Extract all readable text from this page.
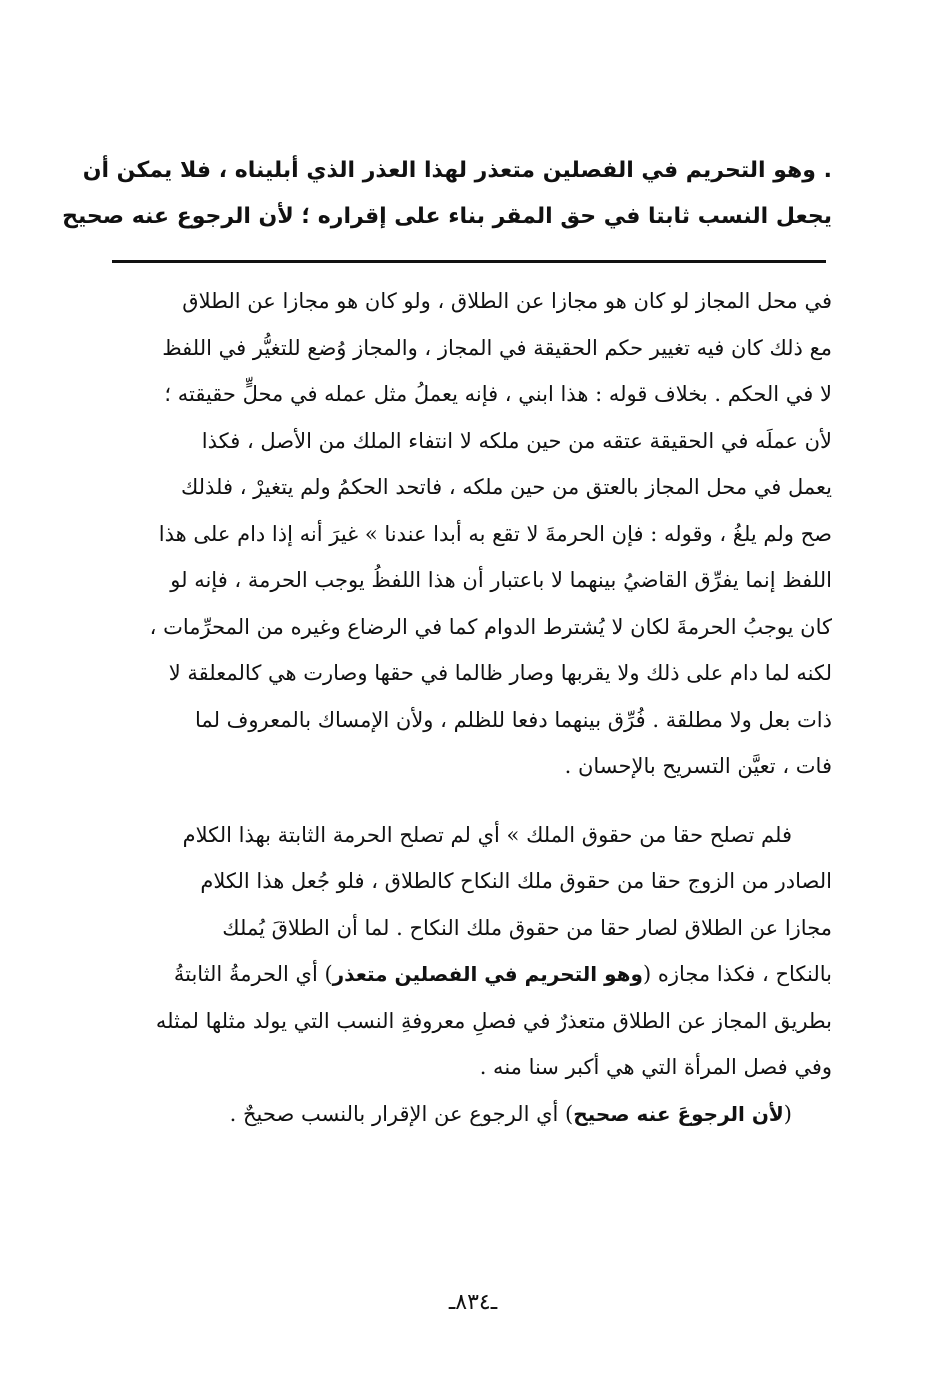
. وهو التحريم في الفصلين متعذر لهذا العذر الذي أبلیناه ، فلا يمكن أن
يجعل النسب ثابتا في حق المقر بناء على إقراره ؛ لأن الرجوع عنه صحيح
في محل المجاز لو كان هو مجازا عن الطلاق ، ولو كان هو مجازا عن الطلاق
مع ذلك كان فيه تغيير حكم الحقيقة في المجاز ، والمجاز وُضع للتغيُّر في اللفظ
لا في الحكم . بخلاف قوله : هذا ابني ، فإنه يعملُ مثل عمله في محلٍّ حقيقته ؛
لأن عملَه في الحقيقة عتقه من حين ملكه لا انتفاء الملك من الأصل ، فكذا
يعمل في محل المجاز بالعتق من حين ملكه ، فاتحد الحكمُ ولم يتغيرْ ، فلذلك
صح ولم يلغُ ، وقوله : فإن الحرمةَ لا تقع به أبدا عندنا » غيرَ أنه إذا دام على هذا
اللفظ إنما يفرِّق القاضيُ بينهما لا باعتبار أن هذا اللفظُ يوجب الحرمة ، فإنه لو
كان يوجبُ الحرمةَ لكان لا يُشترط الدوام كما في الرضاع وغيره من المحرِّمات ،
لكنه لما دام على ذلك ولا يقربها وصار ظالما في حقها وصارت هي كالمعلقة لا
ذات بعل ولا مطلقة . فُرِّق بينهما دفعا للظلم ، ولأن الإمساك بالمعروف لما
فات ، تعيَّن التسريح بالإحسان .
فلم تصلح حقا من حقوق الملك » أي لم تصلح الحرمة الثابتة بهذا الكلام
الصادر من الزوج حقا من حقوق ملك النكاح كالطلاق ، فلو جُعل هذا الكلام
مجازا عن الطلاق لصار حقا من حقوق ملك النكاح . لما أن الطلاقَ يُملك
بالنكاح ، فكذا مجازه (وهو التحريم في الفصلين متعذر) أي الحرمةُ الثابتةُ
بطريق المجاز عن الطلاق متعذرٌ في فصلِ معروفةِ النسب التي يولد مثلها لمثله
وفي فصل المرأة التي هي أكبر سنا منه .
(لأن الرجوعَ عنه صحيح) أي الرجوع عن الإقرار بالنسب صحيحٌ .
ـ٨٣٤ـ
